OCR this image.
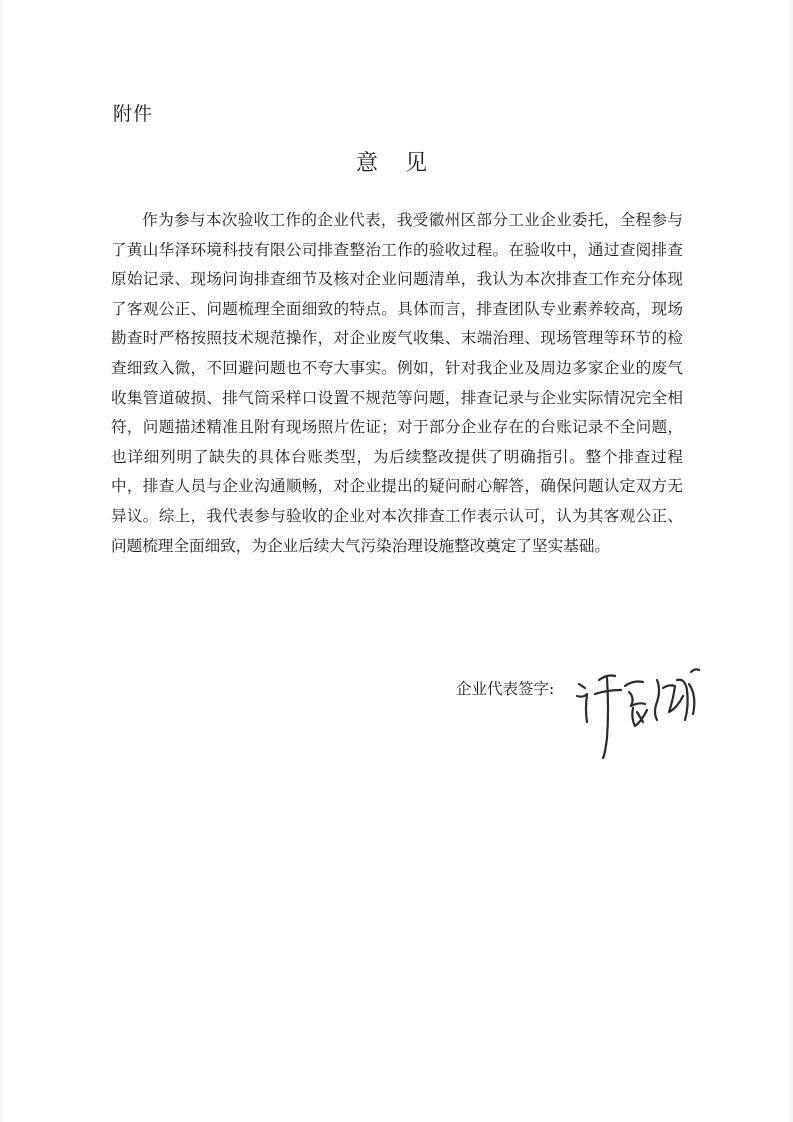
附件
意 见

作为参与本次验收工作的企业代表，我受徽州区部分工业企业委托，全程参与了黄山华泽环境科技有限公司排查整治工作的验收过程。在验收中，通过查阅排查原始记录、现场问询排查细节及核对企业问题清单，我认为本次排查工作充分体现了客观公正、问题梳理全面细致的特点。具体而言，排查团队专业素养较高，现场勘查时严格按照技术规范操作，对企业废气收集、末端治理、现场管理等环节的检查细致入微，不回避问题也不夸大事实。例如，针对我企业及周边多家企业的废气收集管道破损、排气筒采样口设置不规范等问题，排查记录与企业实际情况完全相符，问题描述精准且附有现场照片佐证；对于部分企业存在的台账记录不全问题，也详细列明了缺失的具体台账类型，为后续整改提供了明确指引。整个排查过程中，排查人员与企业沟通顺畅，对企业提出的疑问耐心解答，确保问题认定双方无异议。综上，我代表参与验收的企业对本次排查工作表示认可，认为其客观公正、问题梳理全面细致，为企业后续大气污染治理设施整改奠定了坚实基础。

企业代表签字:
